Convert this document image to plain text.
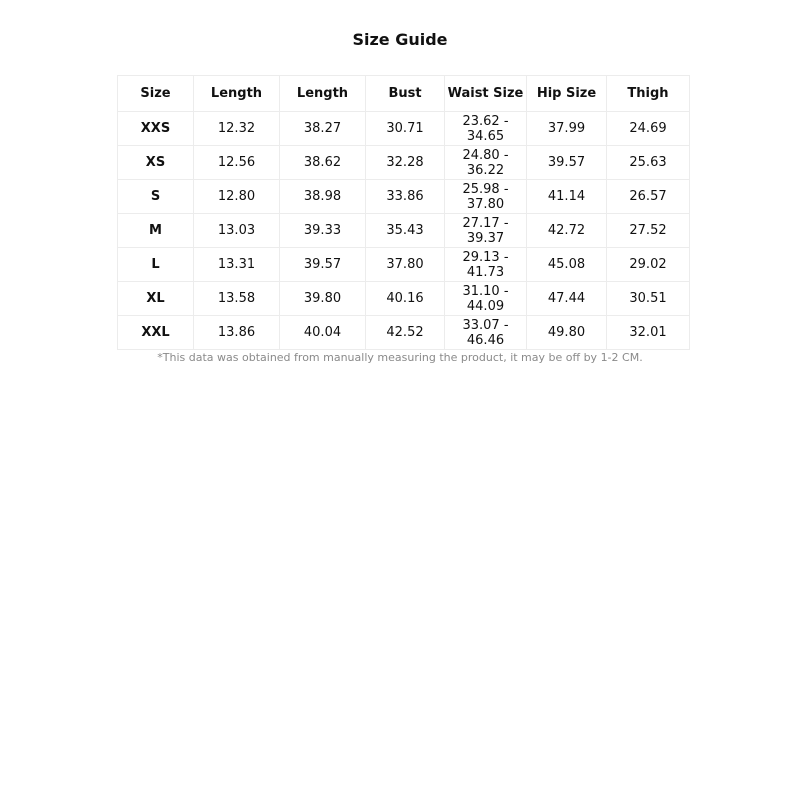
Size Guide
Size	Length	Length	Bust	Waist Size	Hip Size	Thigh
XXS	12.32	38.27	30.71	23.62 - 34.65	37.99	24.69
XS	12.56	38.62	32.28	24.80 - 36.22	39.57	25.63
S	12.80	38.98	33.86	25.98 - 37.80	41.14	26.57
M	13.03	39.33	35.43	27.17 - 39.37	42.72	27.52
L	13.31	39.57	37.80	29.13 - 41.73	45.08	29.02
XL	13.58	39.80	40.16	31.10 - 44.09	47.44	30.51
XXL	13.86	40.04	42.52	33.07 - 46.46	49.80	32.01
*This data was obtained from manually measuring the product, it may be off by 1-2 CM.
